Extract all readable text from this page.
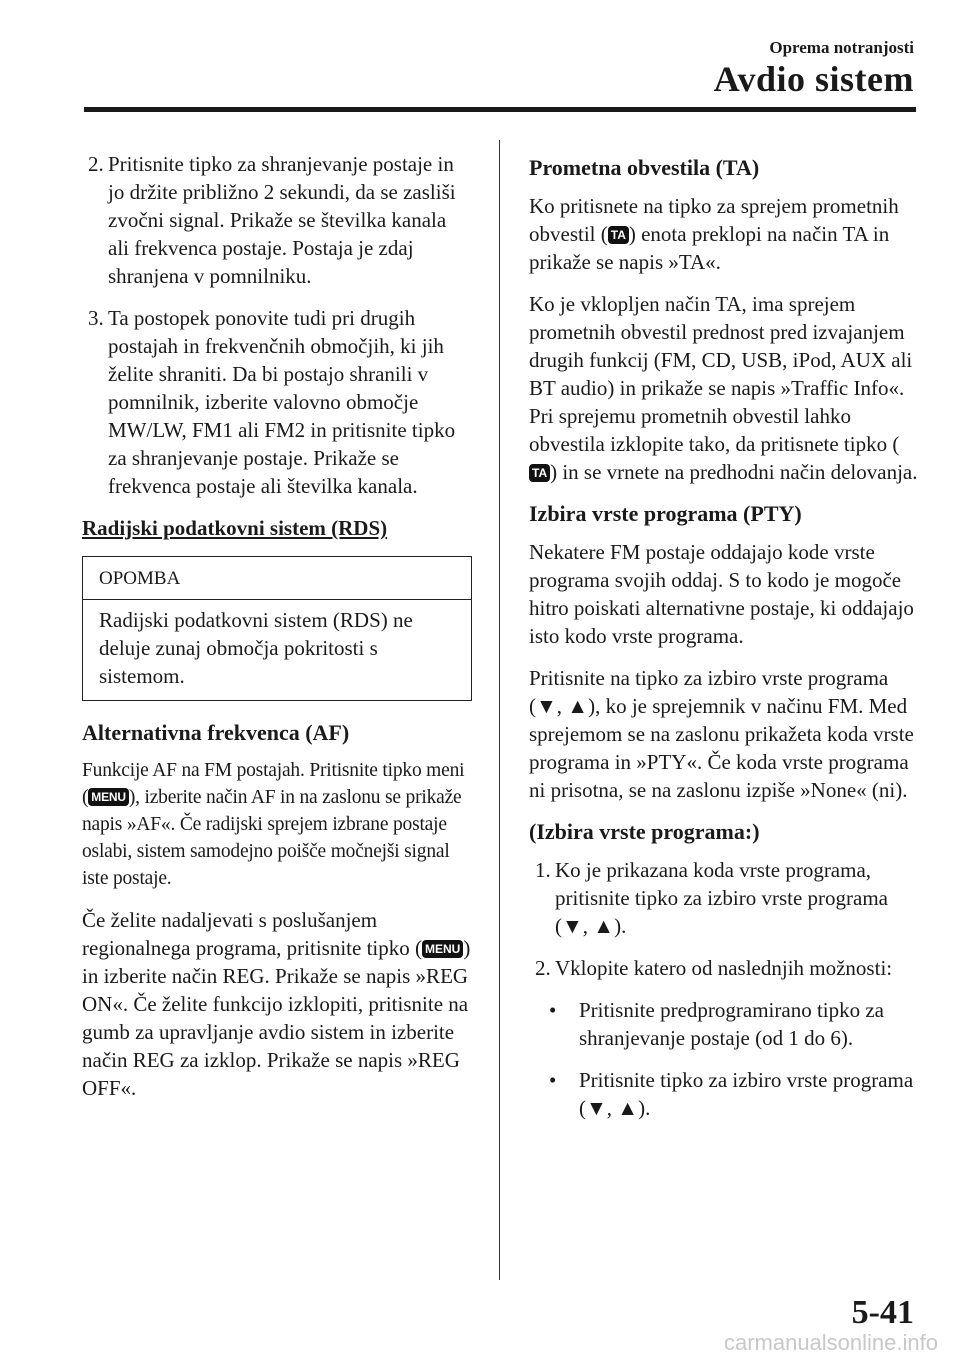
Oprema notranjosti
Avdio sistem
2. Pritisnite tipko za shranjevanje postaje in jo držite približno 2 sekundi, da se zasliši zvočni signal. Prikaže se številka kanala ali frekvenca postaje. Postaja je zdaj shranjena v pomnilniku.
3. Ta postopek ponovite tudi pri drugih postajah in frekvenčnih območjih, ki jih želite shraniti. Da bi postajo shranili v pomnilnik, izberite valovno območje MW/LW, FM1 ali FM2 in pritisnite tipko za shranjevanje postaje. Prikaže se frekvenca postaje ali številka kanala.
Radijski podatkovni sistem (RDS)
OPOMBA
Radijski podatkovni sistem (RDS) ne deluje zunaj območja pokritosti s sistemom.
Alternativna frekvenca (AF)

Funkcije AF na FM postajah. Pritisnite tipko meni ( MENU ), izberite način AF in na zaslonu se prikaže napis »AF«. Če radijski sprejem izbrane postaje oslabi, sistem samodejno poišče močnejši signal iste postaje.

Če želite nadaljevati s poslušanjem regionalnega programa, pritisnite tipko ( MENU ) in izberite način REG. Prikaže se napis »REG ON«. Če želite funkcijo izklopiti, pritisnite na gumb za upravljanje avdio sistem in izberite način REG za izklop. Prikaže se napis »REG OFF«.

Prometna obvestila (TA)

Ko pritisnete na tipko za sprejem prometnih obvestil ( TA ) enota preklopi na način TA in prikaže se napis »TA«.

Ko je vklopljen način TA, ima sprejem prometnih obvestil prednost pred izvajanjem drugih funkcij (FM, CD, USB, iPod, AUX ali BT audio) in prikaže se napis »Traffic Info«.

Pri sprejemu prometnih obvestil lahko obvestila izklopite tako, da pritisnete tipko (TA ) in se vrnete na predhodni način delovanja.

Izbira vrste programa (PTY)

Nekatere FM postaje oddajajo kode vrste programa svojih oddaj. S to kodo je mogoče hitro poiskati alternativne postaje, ki oddajajo isto kodo vrste programa.

Pritisnite na tipko za izbiro vrste programa (▼, ▲), ko je sprejemnik v načinu FM. Med sprejemom se na zaslonu prikažeta koda vrste programa in »PTY«. Če koda vrste programa ni prisotna, se na zaslonu izpiše »None« (ni).

(Izbira vrste programa:)
1. Ko je prikazana koda vrste programa, pritisnite tipko za izbiro vrste programa (▼, ▲).
2. Vklopite katero od naslednjih možnosti:
• Pritisnite predprogramirano tipko za shranjevanje postaje (od 1 do 6).
• Pritisnite tipko za izbiro vrste programa (▼, ▲).
5-41
carmanualsonline.info
